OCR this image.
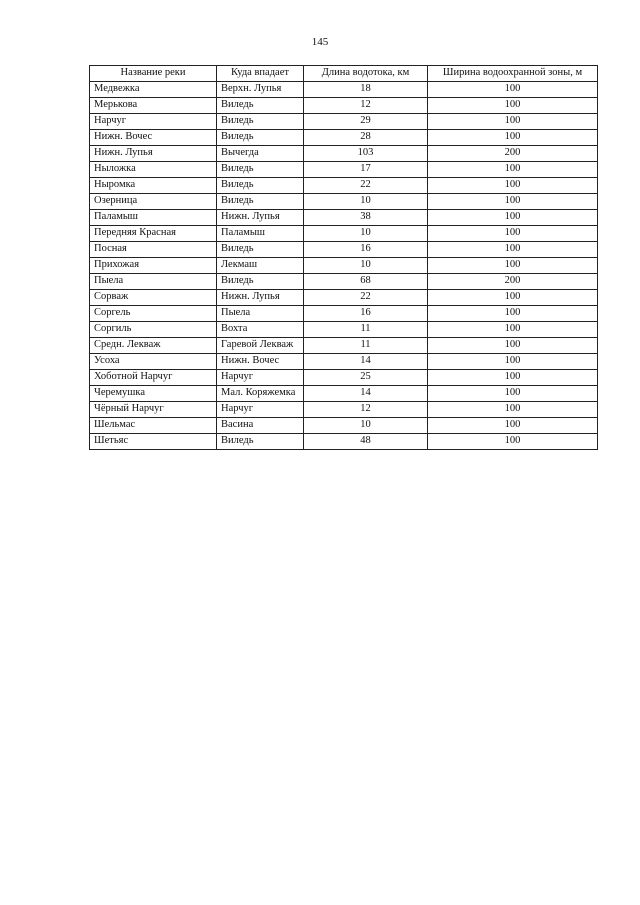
145
Название реки	Куда впадает	Длина водотока, км	Ширина водоохранной зоны, м
Медвежка	Верхн. Лупья	18	100
Мерькова	Виледь	12	100
Нарчуг	Виледь	29	100
Нижн. Вочес	Виледь	28	100
Нижн. Лупья	Вычегда	103	200
Ныложка	Виледь	17	100
Ныромка	Виледь	22	100
Озерница	Виледь	10	100
Паламыш	Нижн. Лупья	38	100
Передняя Красная	Паламыш	10	100
Посная	Виледь	16	100
Прихожая	Лекмаш	10	100
Пыела	Виледь	68	200
Сорваж	Нижн. Лупья	22	100
Соргель	Пыела	16	100
Соргиль	Вохта	11	100
Средн. Лекваж	Гаревой Лекваж	11	100
Усоха	Нижн. Вочес	14	100
Хоботной Нарчуг	Нарчуг	25	100
Черемушка	Мал. Коряжемка	14	100
Чёрный Нарчуг	Нарчуг	12	100
Шельмас	Васина	10	100
Шетьяс	Виледь	48	100
